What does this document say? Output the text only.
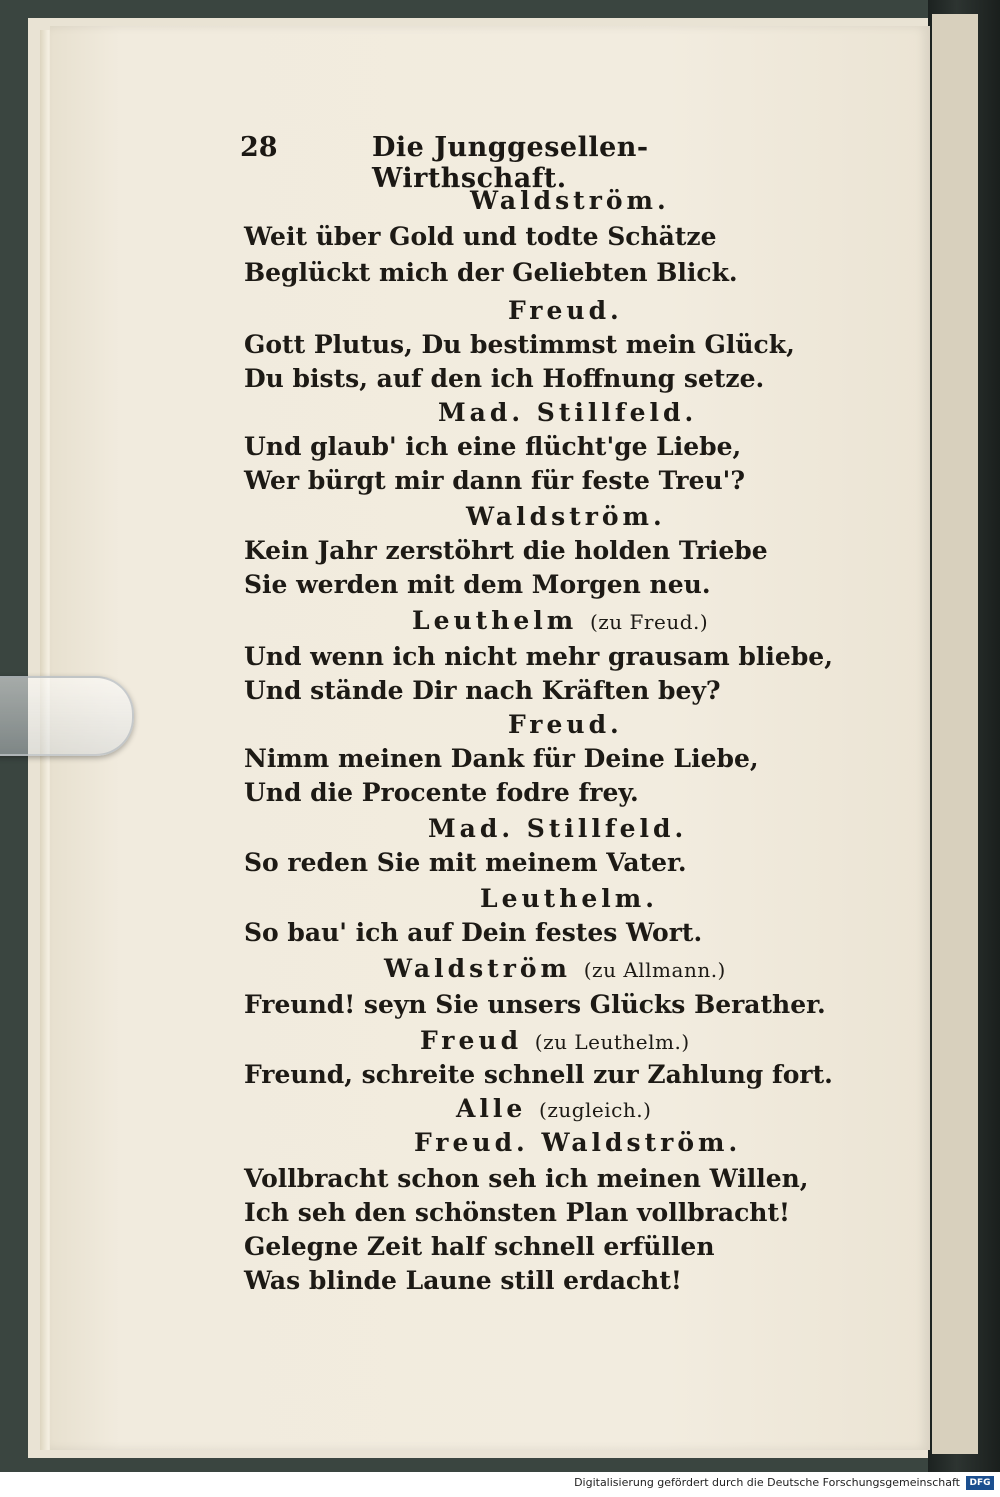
28	Die Junggesellen-Wirthschaft.
Waldström.
Weit über Gold und todte Schätze
Beglückt mich der Geliebten Blick.
Freud.
Gott Plutus, Du bestimmst mein Glück,
Du bists, auf den ich Hoffnung setze.
Mad. Stillfeld.
Und glaub' ich eine flücht'ge Liebe,
Wer bürgt mir dann für feste Treu'?
Waldström.
Kein Jahr zerstöhrt die holden Triebe
Sie werden mit dem Morgen neu.
Leuthelm (zu Freud.)
Und wenn ich nicht mehr grausam bliebe,
Und stände Dir nach Kräften bey?
Freud.
Nimm meinen Dank für Deine Liebe,
Und die Procente fodre frey.
Mad. Stillfeld.
So reden Sie mit meinem Vater.
Leuthelm.
So bau' ich auf Dein festes Wort.
Waldström (zu Allmann.)
Freund! seyn Sie unsers Glücks Berather.
Freud (zu Leuthelm.)
Freund, schreite schnell zur Zahlung fort.
Alle (zugleich.)
Freud. Waldström.
Vollbracht schon seh ich meinen Willen,
Ich seh den schönsten Plan vollbracht!
Gelegne Zeit half schnell erfüllen
Was blinde Laune still erdacht!
Digitalisierung gefördert durch die Deutsche Forschungsgemeinschaft	DFG
